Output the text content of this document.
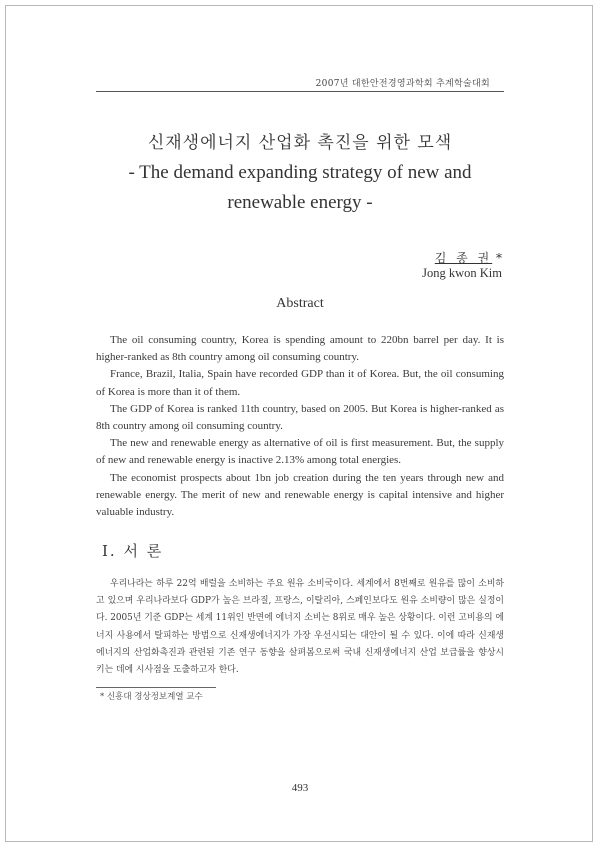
2007년 대한안전경영과학회 추계학술대회
신재생에너지 산업화 촉진을 위한 모색
- The demand expanding strategy of new and
renewable energy -
김 종 권 *
Jong kwon Kim
Abstract

The oil consuming country, Korea is spending amount to 220bn barrel per day. It is higher-ranked as 8th country among oil consuming country.

France, Brazil, Italia, Spain have recorded GDP than it of Korea. But, the oil consuming of Korea is more than it of them.

The GDP of Korea is ranked 11th country, based on 2005. But Korea is higher-ranked as 8th country among oil consuming country.

The new and renewable energy as alternative of oil is first measurement. But, the supply of new and renewable energy is inactive 2.13% among total energies.

The economist prospects about 1bn job creation during the ten years through new and renewable energy. The merit of new and renewable energy is capital intensive and higher valuable industry.

Ⅰ. 서 론

우리나라는 하루 22억 배럴을 소비하는 주요 원유 소비국이다. 세계에서 8번째로 원유를 많이 소비하고 있으며 우리나라보다 GDP가 높은 브라질, 프랑스, 이탈리아, 스페인보다도 원유 소비량이 많은 실정이다. 2005년 기준 GDP는 세계 11위인 반면에 에너지 소비는 8위로 매우 높은 상황이다. 이런 고비용의 에너지 사용에서 탈피하는 방법으로 신재생에너지가 가장 우선시되는 대안이 될 수 있다. 이에 따라 신재생에너지의 산업화촉진과 관련된 기존 연구 동향을 살펴봄으로써 국내 신재생에너지 산업 보급률을 향상시키는 데에 시사점을 도출하고자 한다.

* 신흥대 경상정보계열 교수
493
